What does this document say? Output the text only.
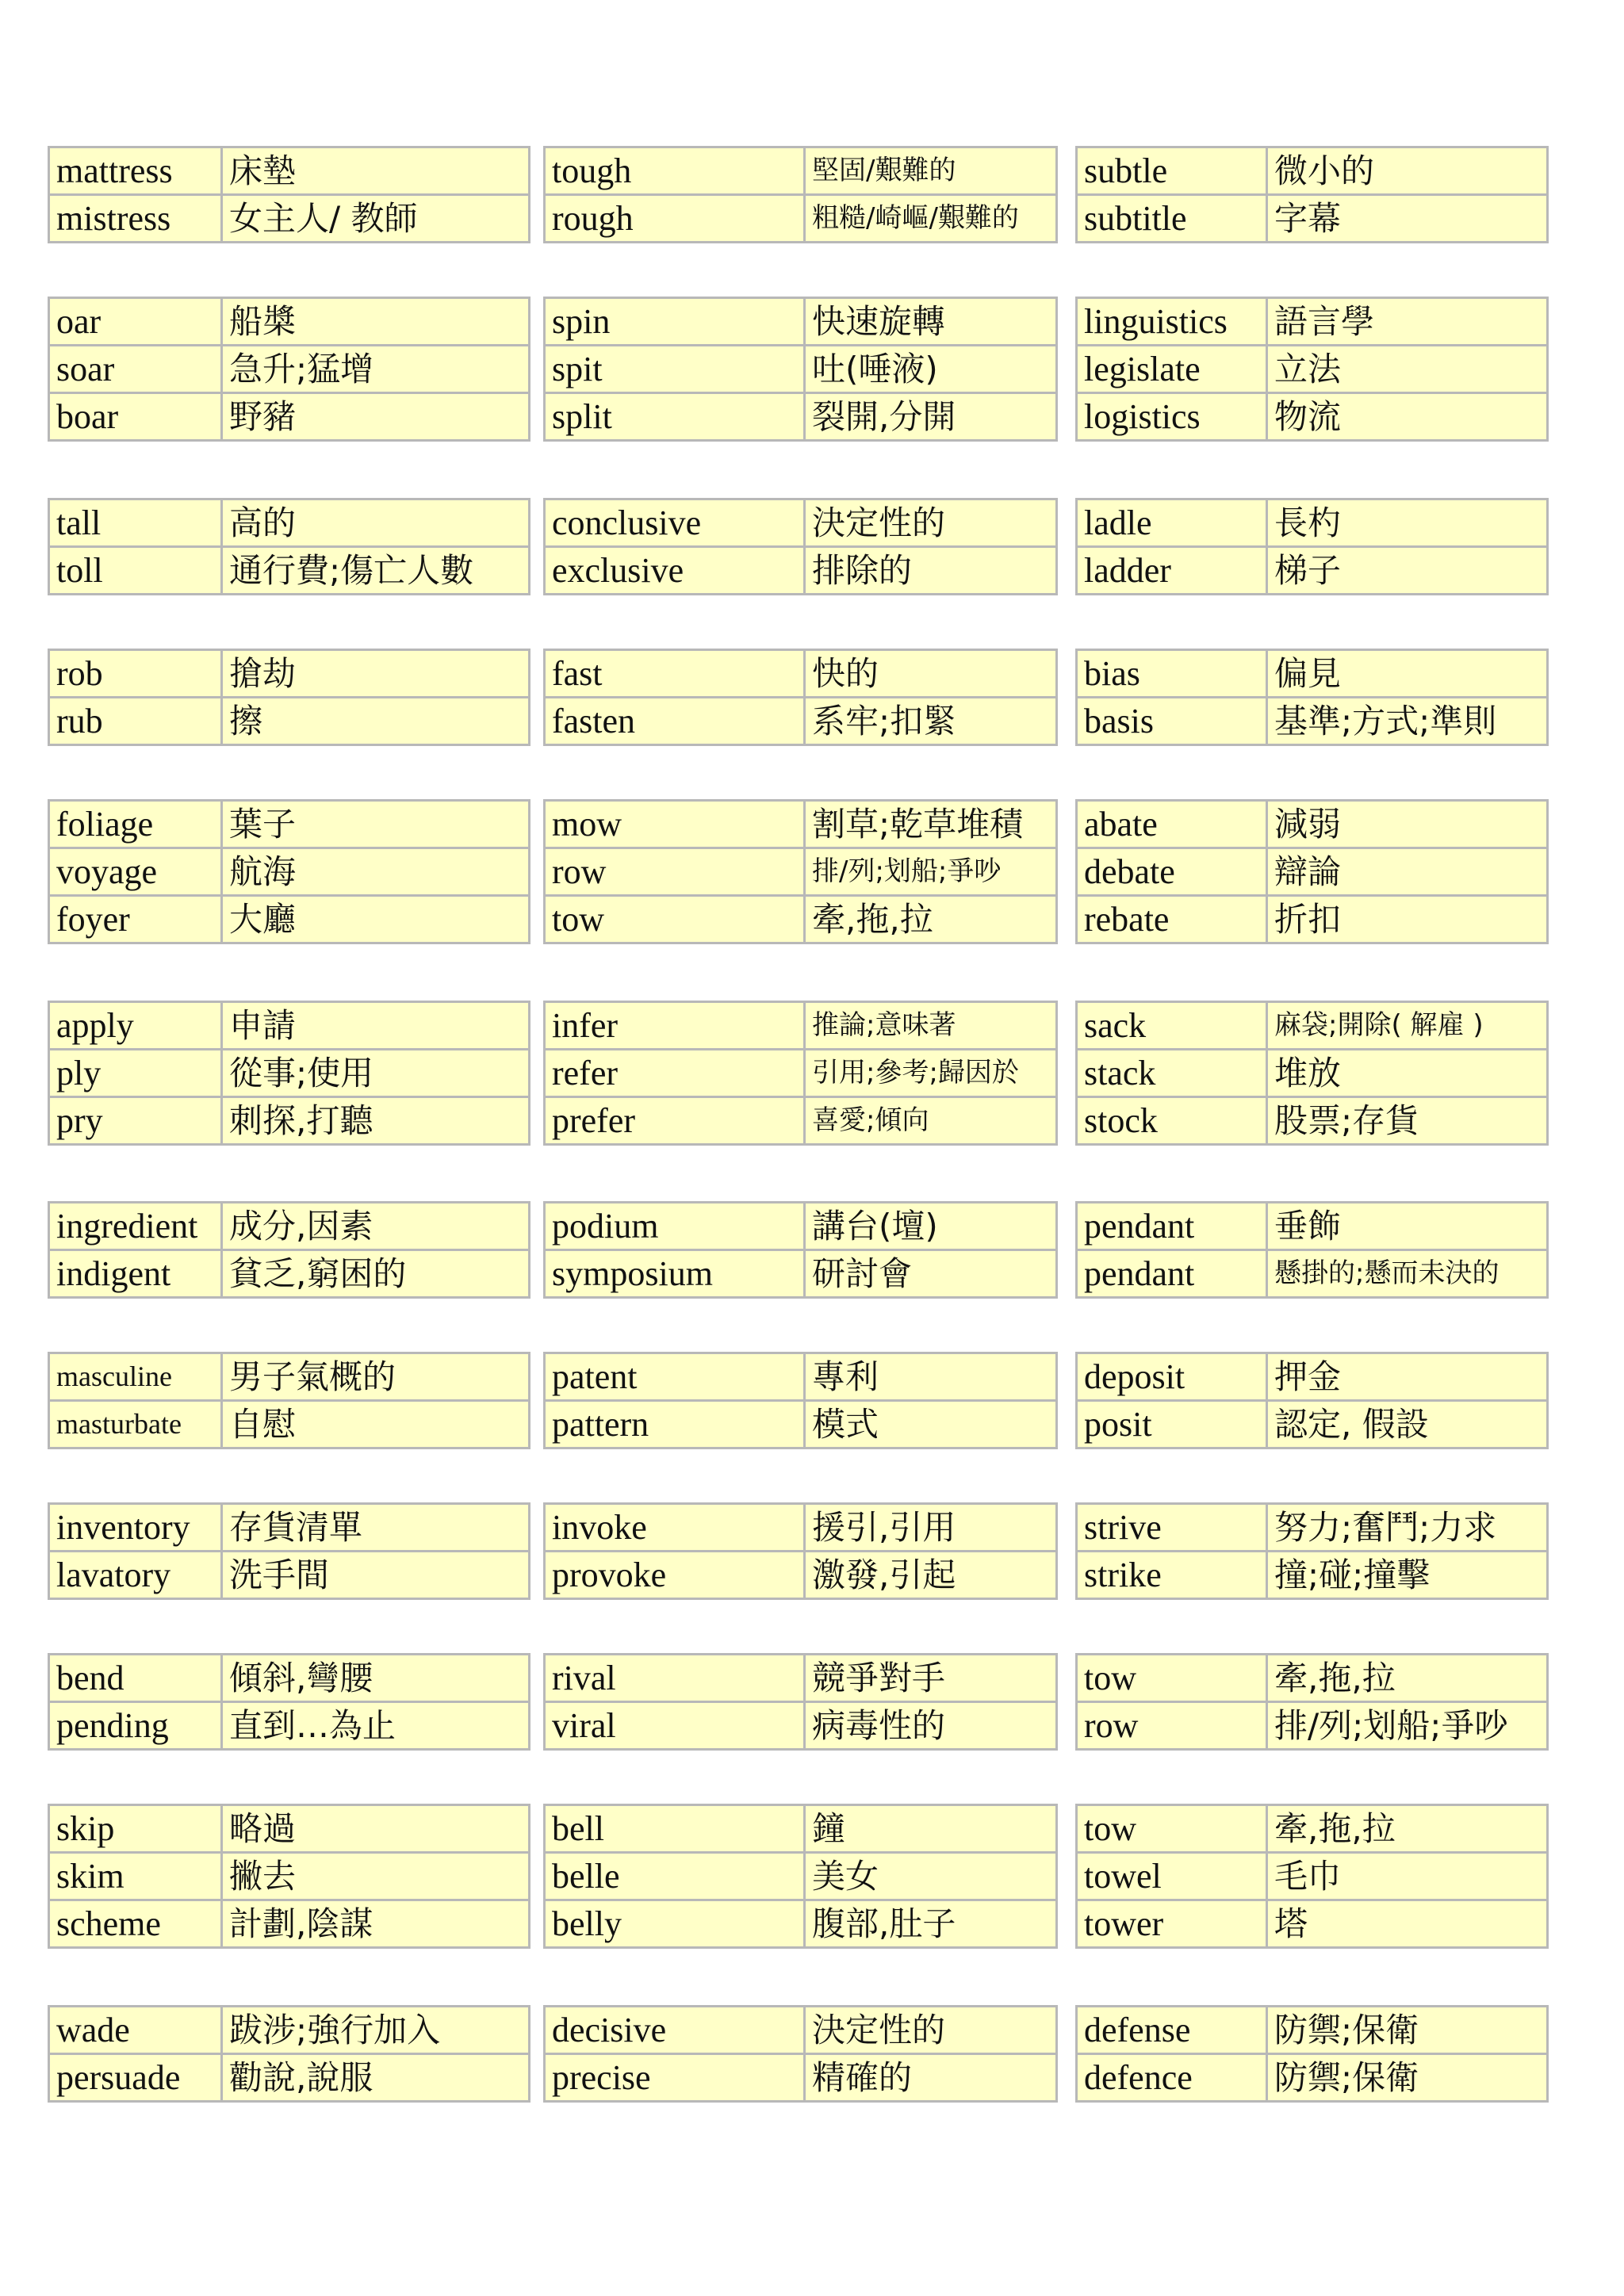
mattress	床墊
mistress	女主人/ 教師
tough	堅固/艱難的
rough	粗糙/崎嶇/艱難的
subtle	微小的
subtitle	字幕
oar	船槳
soar	急升;猛增
boar	野豬
spin	快速旋轉
spit	吐(唾液)
split	裂開,分開
linguistics	語言學
legislate	立法
logistics	物流
tall	高的
toll	通行費;傷亡人數
conclusive	決定性的
exclusive	排除的
ladle	長杓
ladder	梯子
rob	搶劫
rub	擦
fast	快的
fasten	系牢;扣緊
bias	偏見
basis	基準;方式;準則
foliage	葉子
voyage	航海
foyer	大廳
mow	割草;乾草堆積
row	排/列;划船;爭吵
tow	牽,拖,拉
abate	減弱
debate	辯論
rebate	折扣
apply	申請
ply	從事;使用
pry	刺探,打聽
infer	推論;意味著
refer	引用;參考;歸因於
prefer	喜愛;傾向
sack	麻袋;開除( 解雇 )
stack	堆放
stock	股票;存貨
ingredient	成分,因素
indigent	貧乏,窮困的
podium	講台(壇)
symposium	研討會
pendant	垂飾
pendant	懸掛的;懸而未決的
masculine	男子氣概的
masturbate	自慰
patent	專利
pattern	模式
deposit	押金
posit	認定, 假設
inventory	存貨清單
lavatory	洗手間
invoke	援引,引用
provoke	激發,引起
strive	努力;奮鬥;力求
strike	撞;碰;撞擊
bend	傾斜,彎腰
pending	直到…為止
rival	競爭對手
viral	病毒性的
tow	牽,拖,拉
row	排/列;划船;爭吵
skip	略過
skim	撇去
scheme	計劃,陰謀
bell	鐘
belle	美女
belly	腹部,肚子
tow	牽,拖,拉
towel	毛巾
tower	塔
wade	跋涉;強行加入
persuade	勸說,說服
decisive	決定性的
precise	精確的
defense	防禦;保衛
defence	防禦;保衛
